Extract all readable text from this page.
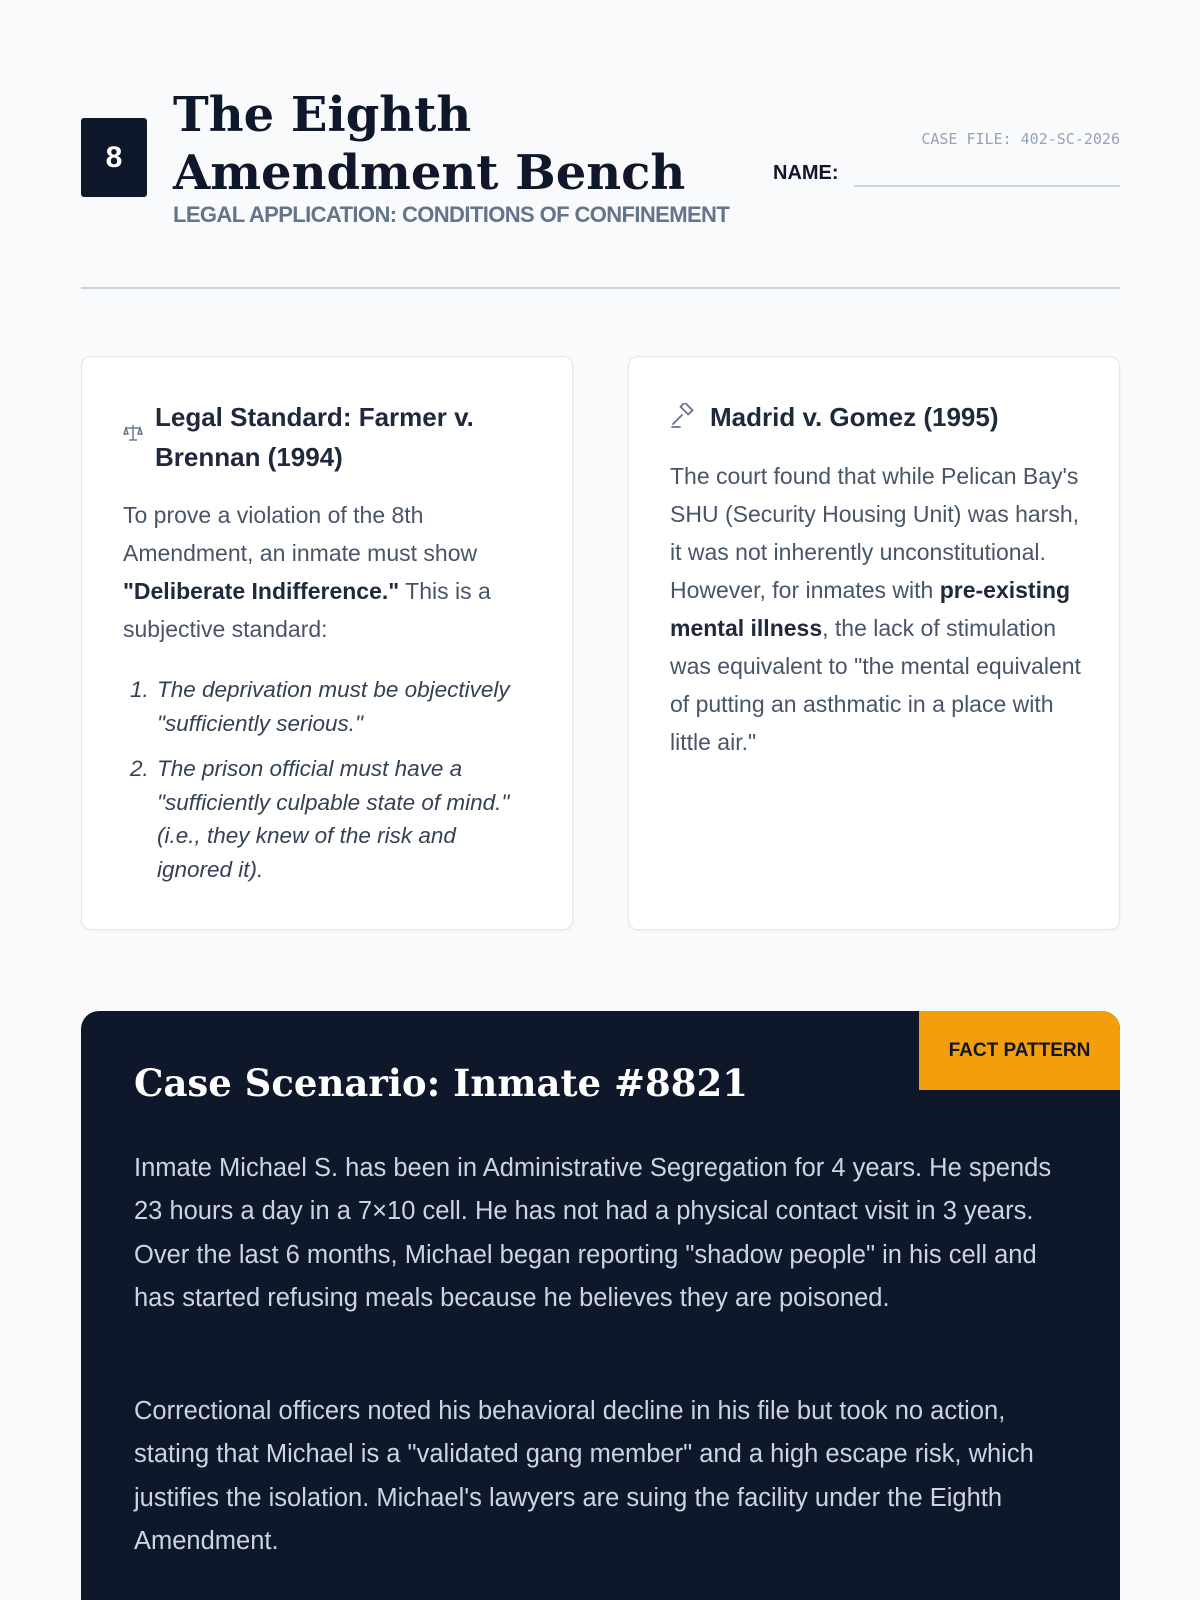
8
The Eighth Amendment Bench
LEGAL APPLICATION: CONDITIONS OF CONFINEMENT
CASE FILE: 402-SC-2026
NAME:
Legal Standard: Farmer v. Brennan (1994)

To prove a violation of the 8th Amendment, an inmate must show "Deliberate Indifference." This is a subjective standard:

1. The deprivation must be objectively "sufficiently serious."
2. The prison official must have a "sufficiently culpable state of mind." (i.e., they knew of the risk and ignored it).
Madrid v. Gomez (1995)

The court found that while Pelican Bay's SHU (Security Housing Unit) was harsh, it was not inherently unconstitutional. However, for inmates with pre-existing mental illness, the lack of stimulation was equivalent to "the mental equivalent of putting an asthmatic in a place with little air."

FACT PATTERN
Case Scenario: Inmate #8821

Inmate Michael S. has been in Administrative Segregation for 4 years. He spends 23 hours a day in a 7×10 cell. He has not had a physical contact visit in 3 years. Over the last 6 months, Michael began reporting "shadow people" in his cell and has started refusing meals because he believes they are poisoned.

Correctional officers noted his behavioral decline in his file but took no action, stating that Michael is a "validated gang member" and a high escape risk, which justifies the isolation. Michael's lawyers are suing the facility under the Eighth Amendment.
